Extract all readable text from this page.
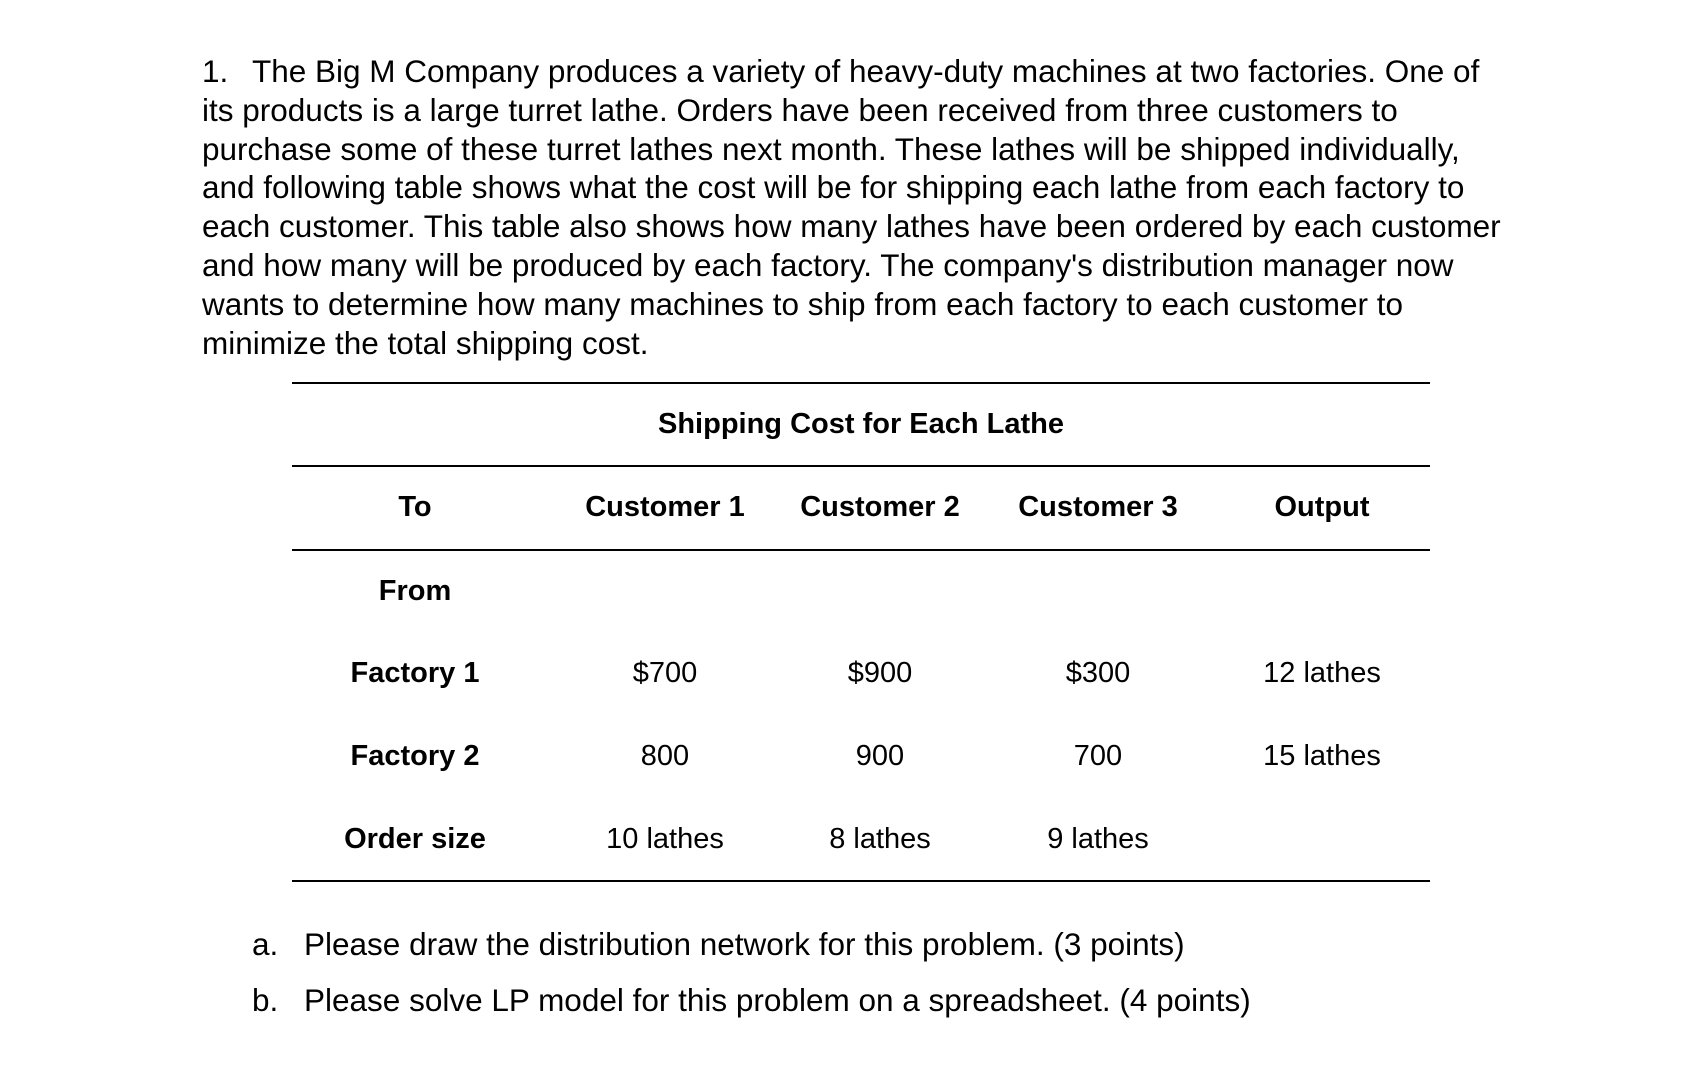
1. The Big M Company produces a variety of heavy-duty machines at two factories. One of its products is a large turret lathe. Orders have been received from three customers to purchase some of these turret lathes next month. These lathes will be shipped individually, and following table shows what the cost will be for shipping each lathe from each factory to each customer. This table also shows how many lathes have been ordered by each customer and how many will be produced by each factory. The company's distribution manager now wants to determine how many machines to ship from each factory to each customer to minimize the total shipping cost.

Shipping Cost for Each Lathe
To	Customer 1	Customer 2	Customer 3	Output
From
Factory 1	$700	$900	$300	12 lathes
Factory 2	800	900	700	15 lathes
Order size	10 lathes	8 lathes	9 lathes
a. Please draw the distribution network for this problem. (3 points)
b. Please solve LP model for this problem on a spreadsheet. (4 points)
